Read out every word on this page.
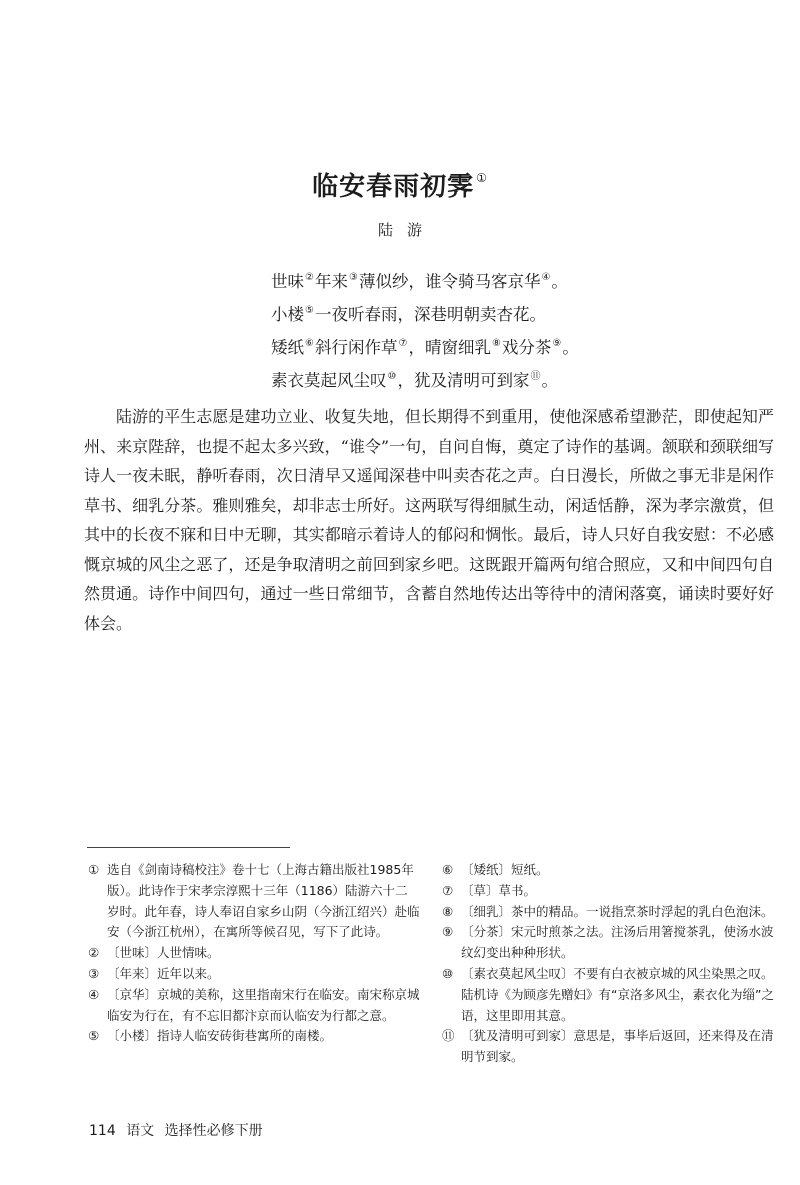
临安春雨初霁 ①
陆游
世味②年来③薄似纱，谁令骑马客京华④。
小楼⑤一夜听春雨，深巷明朝卖杏花。
矮纸⑥斜行闲作草⑦，晴窗细乳⑧戏分茶⑨。
素衣莫起风尘叹⑩，犹及清明可到家⑪。

陆游的平生志愿是建功立业、收复失地，但长期得不到重用，使他深感希望渺茫，即使起知严州、来京陛辞，也提不起太多兴致，“谁令”一句，自问自悔，奠定了诗作的基调。颔联和颈联细写诗人一夜未眠，静听春雨，次日清早又遥闻深巷中叫卖杏花之声。白日漫长，所做之事无非是闲作草书、细乳分茶。雅则雅矣，却非志士所好。这两联写得细腻生动，闲适恬静，深为孝宗激赏，但其中的长夜不寐和日中无聊，其实都暗示着诗人的郁闷和惆怅。最后，诗人只好自我安慰：不必感慨京城的风尘之恶了，还是争取清明之前回到家乡吧。这既跟开篇两句绾合照应，又和中间四句自然贯通。诗作中间四句，通过一些日常细节，含蓄自然地传达出等待中的清闲落寞，诵读时要好好体会。

① 选自《剑南诗稿校注》卷十七（上海古籍出版社1985年版）。此诗作于宋孝宗淳熙十三年（1186）陆游六十二岁时。此年春，诗人奉诏自家乡山阴（今浙江绍兴）赴临安（今浙江杭州），在寓所等候召见，写下了此诗。
② 〔世味〕人世情味。
③ 〔年来〕近年以来。
④ 〔京华〕京城的美称，这里指南宋行在临安。南宋称京城临安为行在，有不忘旧都汴京而认临安为行都之意。
⑤ 〔小楼〕指诗人临安砖街巷寓所的南楼。
⑥ 〔矮纸〕短纸。
⑦ 〔草〕草书。
⑧ 〔细乳〕茶中的精品。一说指烹茶时浮起的乳白色泡沫。
⑨ 〔分茶〕宋元时煎茶之法。注汤后用箸搅茶乳，使汤水波纹幻变出种种形状。
⑩ 〔素衣莫起风尘叹〕不要有白衣被京城的风尘染黑之叹。陆机诗《为顾彦先赠妇》有“京洛多风尘，素衣化为缁”之语，这里即用其意。
⑪ 〔犹及清明可到家〕意思是，事毕后返回，还来得及在清明节到家。
114 语文 选择性必修下册
